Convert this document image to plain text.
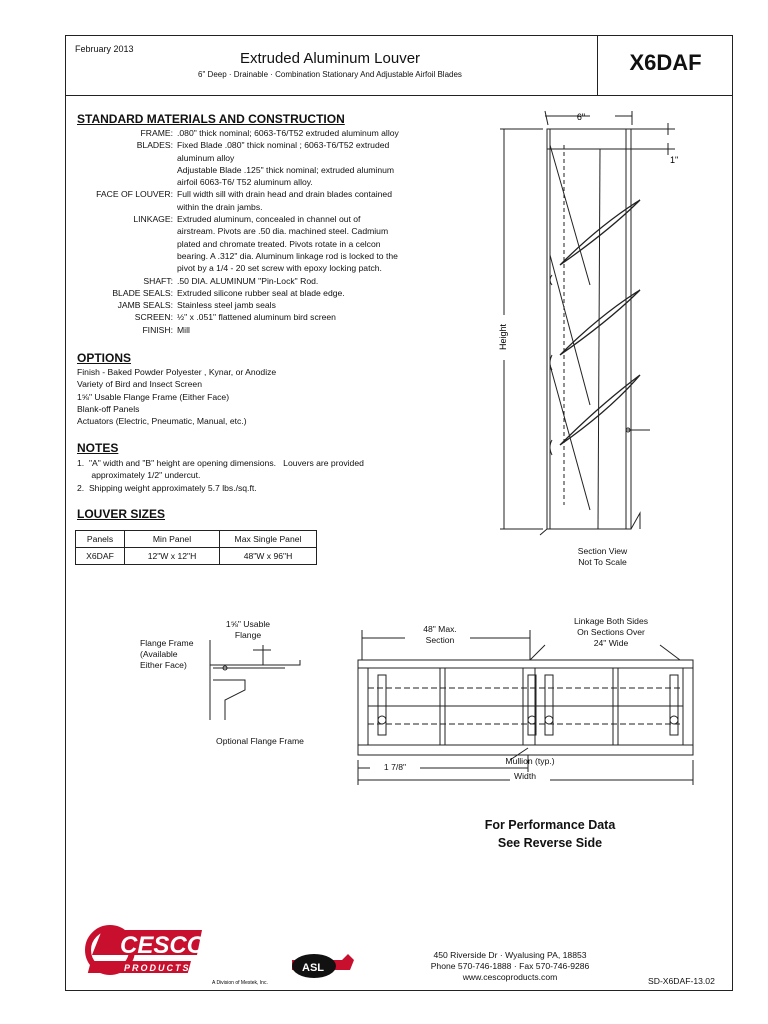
February 2013
Extruded Aluminum Louver
6" Deep · Drainable · Combination Stationary And Adjustable Airfoil Blades	X6DAF
STANDARD MATERIALS AND CONSTRUCTION
FRAME: .080" thick nominal; 6063-T6/T52 extruded aluminum alloy
BLADES: Fixed Blade .080" thick nominal ; 6063-T6/T52 extruded
aluminum alloy
Adjustable Blade .125" thick nominal; extruded aluminum
airfoil 6063-T6/ T52 aluminum alloy.
FACE OF LOUVER: Full width sill with drain head and drain blades contained
within the drain jambs.
LINKAGE: Extruded aluminum, concealed in channel out of
airstream. Pivots are .50 dia. machined steel. Cadmium
plated and chromate treated. Pivots rotate in a celcon
bearing. A .312" dia. Aluminum linkage rod is locked to the
pivot by a 1/4 - 20 set screw with epoxy locking patch.
SHAFT: .50 DIA. ALUMINUM "Pin-Lock" Rod.
BLADE SEALS: Extruded silicone rubber seal at blade edge.
JAMB SEALS: Stainless steel jamb seals
SCREEN: ½" x .051" flattened aluminum bird screen
FINISH: Mill
OPTIONS
Finish - Baked Powder Polyester , Kynar, or Anodize
Variety of Bird and Insect Screen
1⅝" Usable Flange Frame (Either Face)
Blank-off Panels
Actuators (Electric, Pneumatic, Manual, etc.)
NOTES
1.  "A" width and "B" height are opening dimensions.   Louvers are provided
approximately 1/2" undercut.
2.  Shipping weight approximately 5.7 lbs./sq.ft.
LOUVER SIZES
Panels	Min Panel	Max Single Panel
X6DAF	12"W x 12"H	48"W x 96"H
6"
1"
Height
Section View
Not To Scale
1⅝" Usable
Flange
Flange Frame
(Available
Either Face)
Optional Flange Frame
48" Max.
Section
Linkage Both Sides
On Sections Over
24" Wide
1 7/8"
Mullion (typ.)
Width
For Performance Data
See Reverse Side
CESCO
PRODUCTS
A Division of Mestek, Inc.
ASL
450 Riverside Dr · Wyalusing PA, 18853
Phone 570-746-1888 · Fax 570-746-9286
www.cescoproducts.com	SD-X6DAF-13.02
